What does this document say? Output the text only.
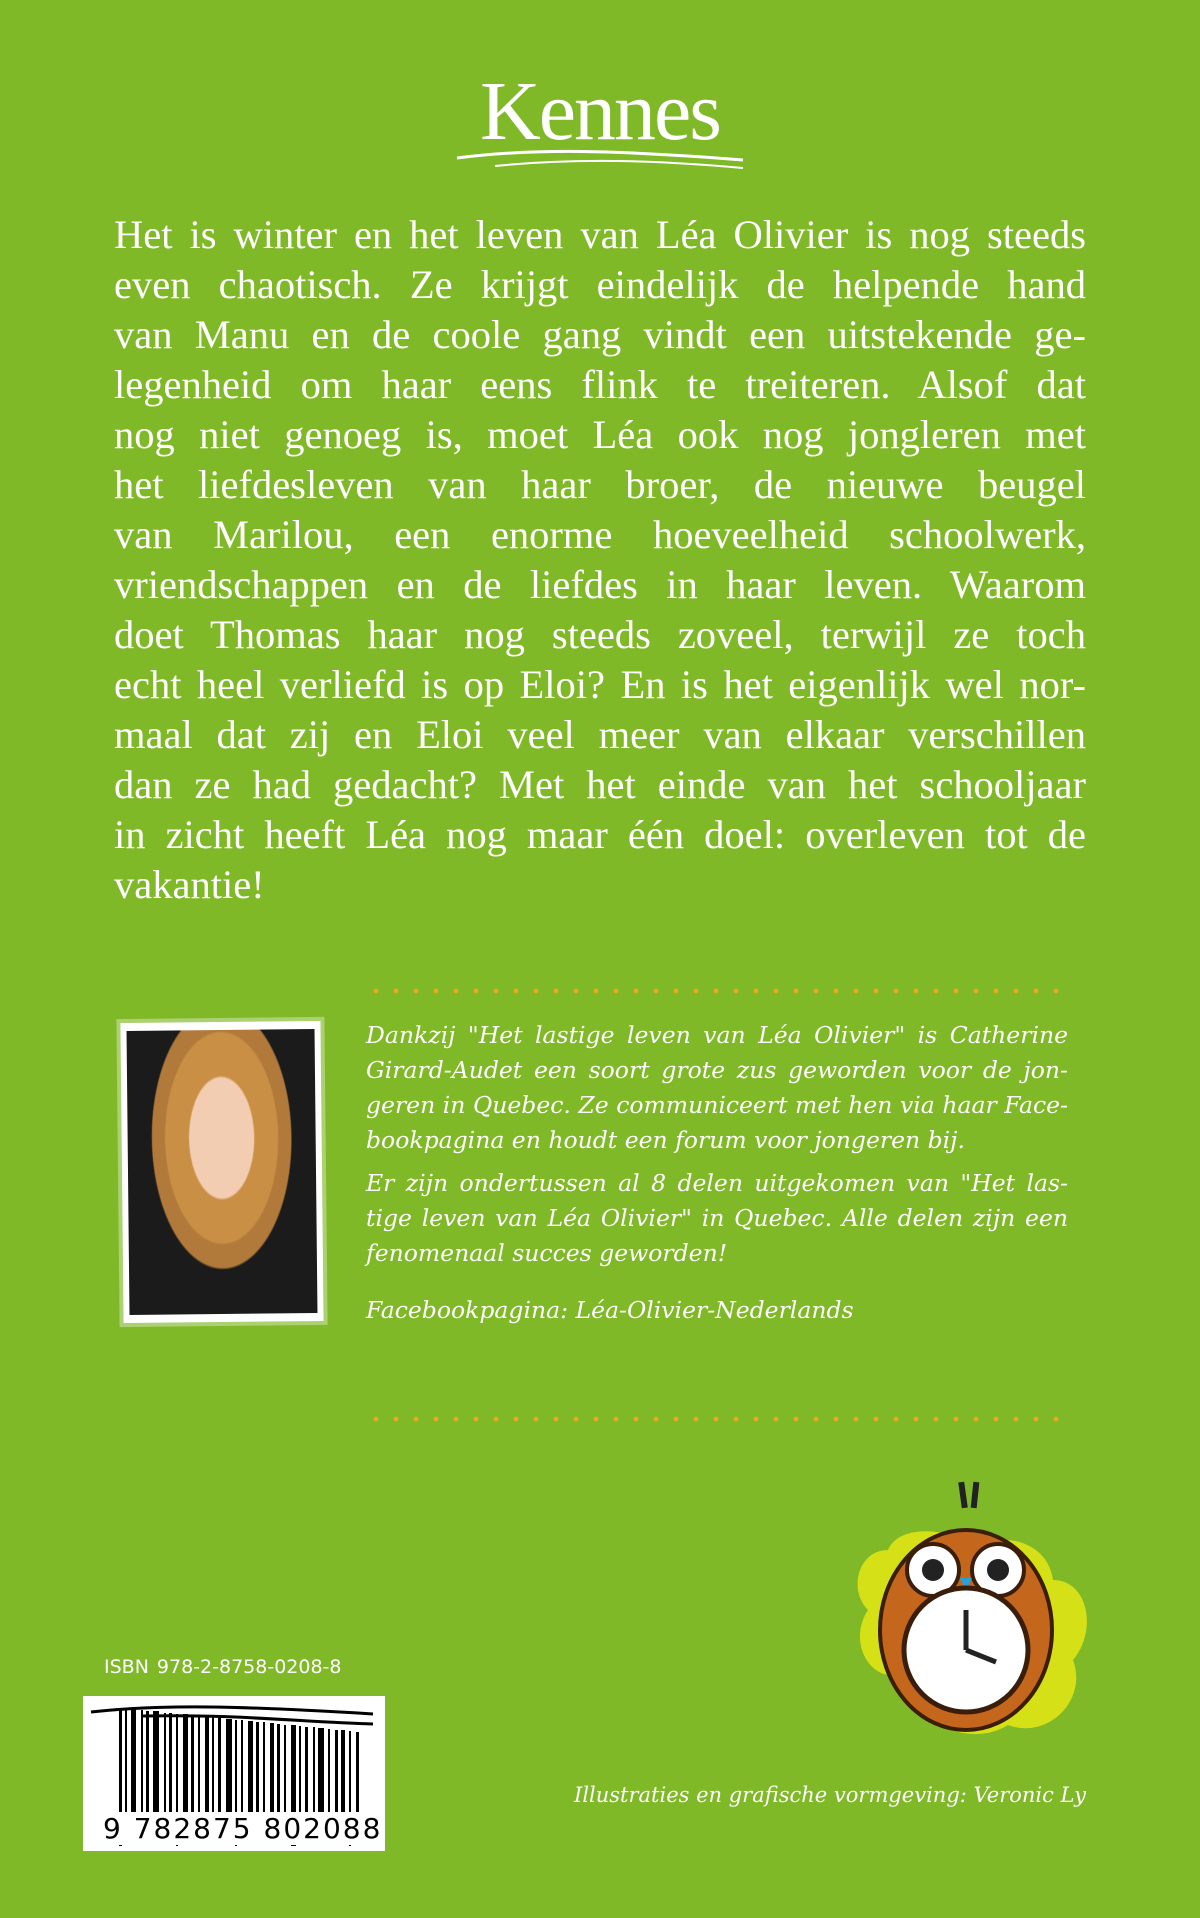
Kennes
Het is winter en het leven van Léa Olivier is nog steeds
even chaotisch. Ze krijgt eindelijk de helpende hand
van Manu en de coole gang vindt een uitstekende ge-
legenheid om haar eens flink te treiteren. Alsof dat
nog niet genoeg is, moet Léa ook nog jongleren met
het liefdesleven van haar broer, de nieuwe beugel
van Marilou, een enorme hoeveelheid schoolwerk,
vriendschappen en de liefdes in haar leven. Waarom
doet Thomas haar nog steeds zoveel, terwijl ze toch
echt heel verliefd is op Eloi? En is het eigenlijk wel nor-
maal dat zij en Eloi veel meer van elkaar verschillen
dan ze had gedacht? Met het einde van het schooljaar
in zicht heeft Léa nog maar één doel: overleven tot de
vakantie!

Dankzij "Het lastige leven van Léa Olivier" is Catherine
Girard-Audet een soort grote zus geworden voor de jon-
geren in Quebec. Ze communiceert met hen via haar Face-
bookpagina en houdt een forum voor jongeren bij.

Er zijn ondertussen al 8 delen uitgekomen van "Het las-
tige leven van Léa Olivier" in Quebec. Alle delen zijn een
fenomenaal succes geworden!

Facebookpagina: Léa-Olivier-Nederlands

ISBN 978-2-8758-0208-8
9 782875 802088
Illustraties en grafische vormgeving: Veronic Ly
